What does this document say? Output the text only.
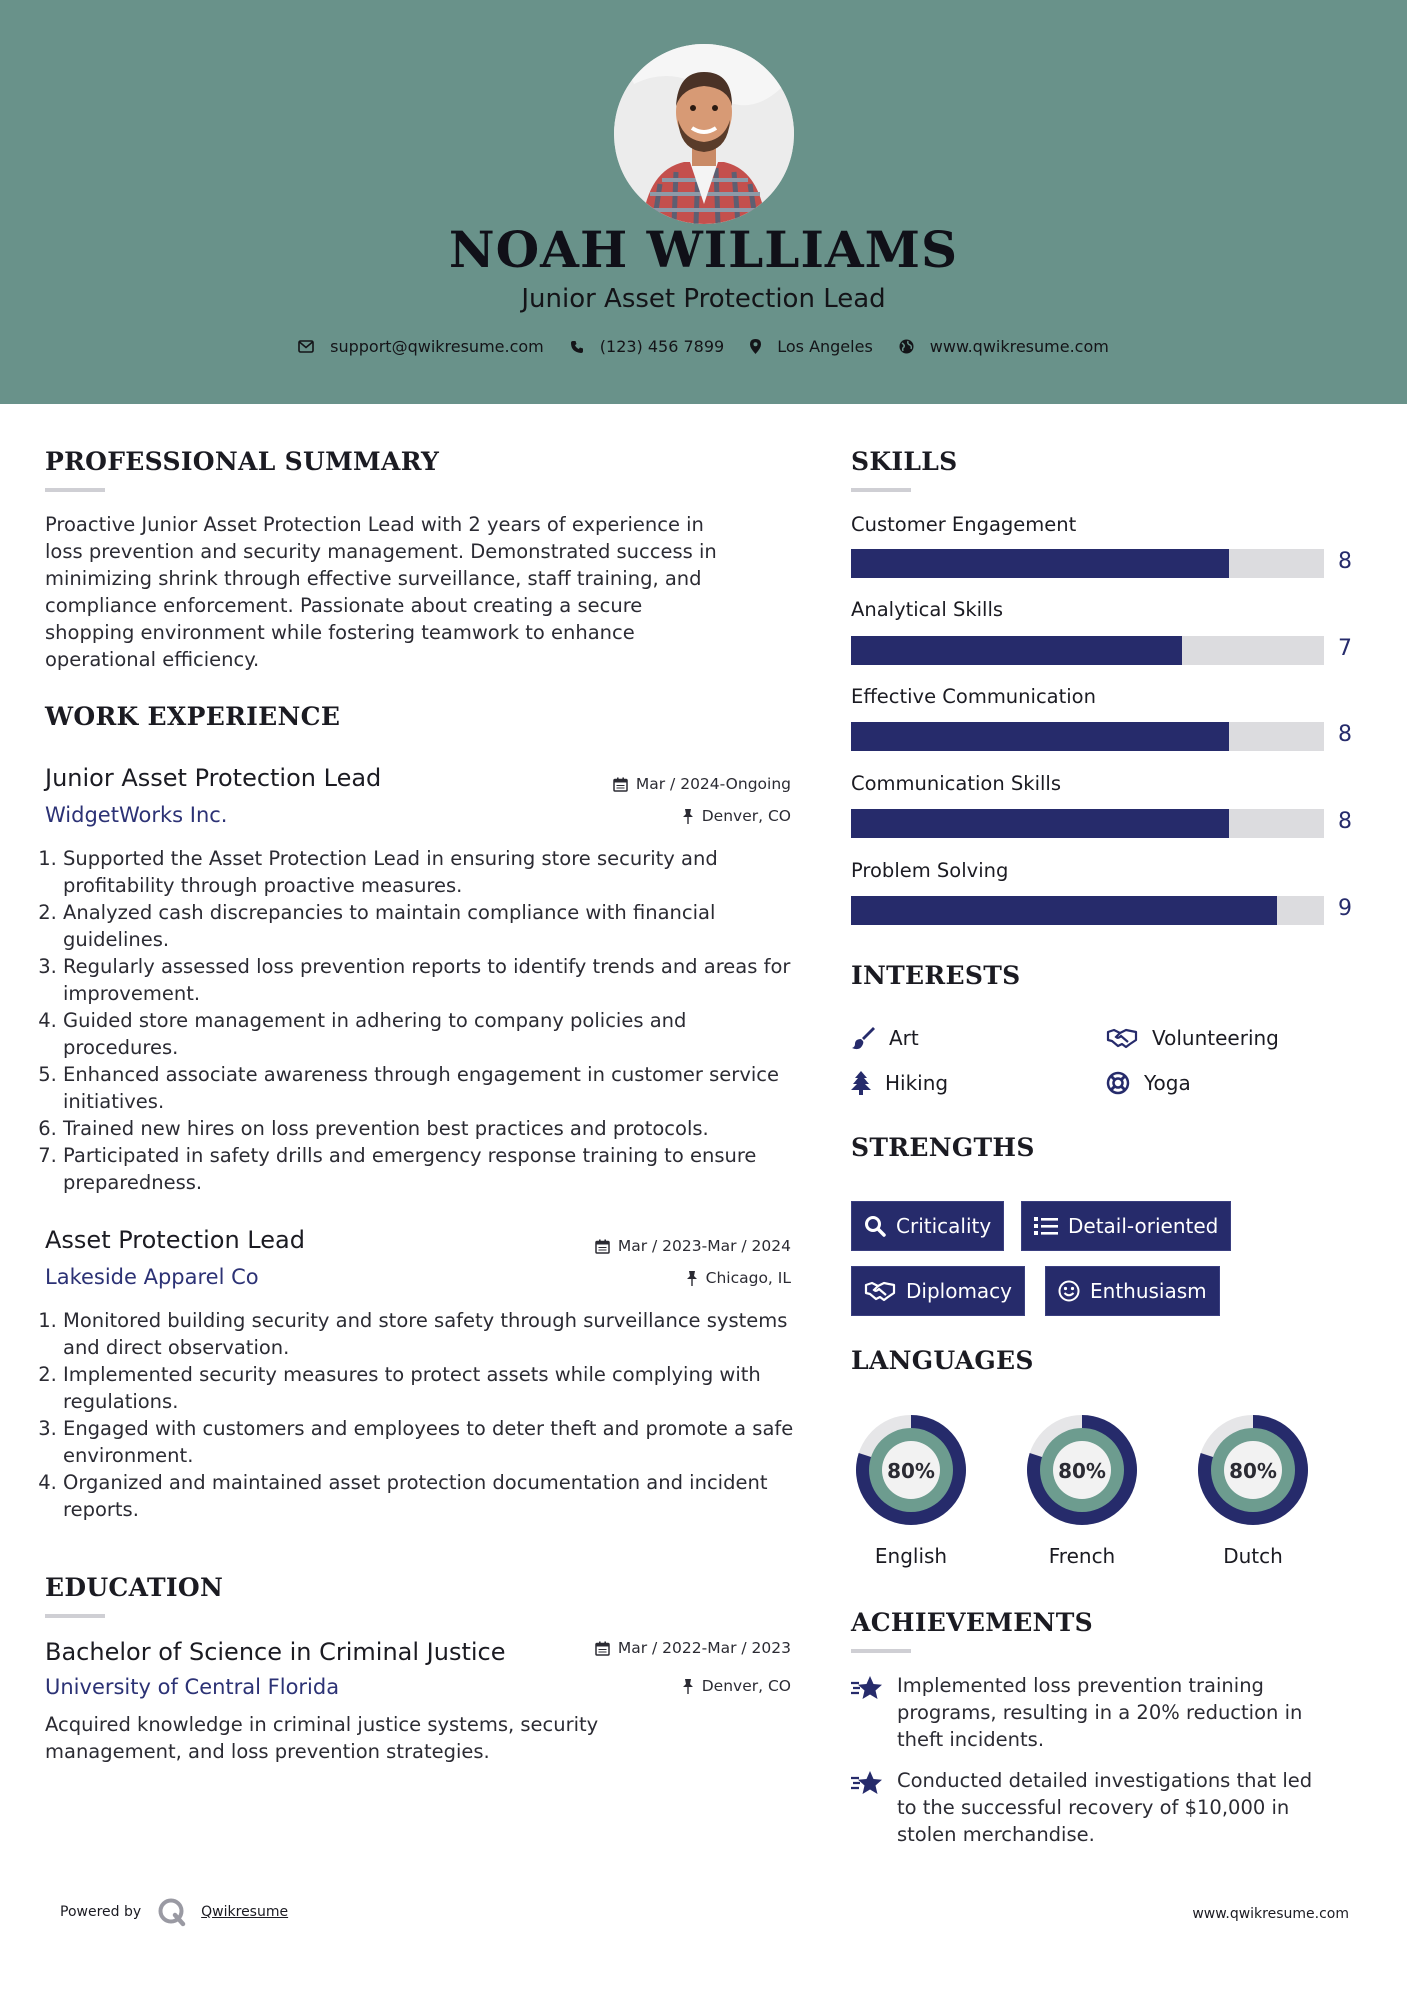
NOAH WILLIAMS
Junior Asset Protection Lead
support@qwikresume.com	(123) 456 7899	Los Angeles	www.qwikresume.com
PROFESSIONAL SUMMARY
Proactive Junior Asset Protection Lead with 2 years of experience in
loss prevention and security management. Demonstrated success in
minimizing shrink through effective surveillance, staff training, and
compliance enforcement. Passionate about creating a secure
shopping environment while fostering teamwork to enhance
operational efficiency.
WORK EXPERIENCE
Junior Asset Protection Lead	Mar / 2024-Ongoing
WidgetWorks Inc.	Denver, CO
1. Supported the Asset Protection Lead in ensuring store security and profitability through proactive measures.
2. Analyzed cash discrepancies to maintain compliance with financial guidelines.
3. Regularly assessed loss prevention reports to identify trends and areas for improvement.
4. Guided store management in adhering to company policies and procedures.
5. Enhanced associate awareness through engagement in customer service initiatives.
6. Trained new hires on loss prevention best practices and protocols.
7. Participated in safety drills and emergency response training to ensure preparedness.
Asset Protection Lead	Mar / 2023-Mar / 2024
Lakeside Apparel Co	Chicago, IL
1. Monitored building security and store safety through surveillance systems and direct observation.
2. Implemented security measures to protect assets while complying with regulations.
3. Engaged with customers and employees to deter theft and promote a safe environment.
4. Organized and maintained asset protection documentation and incident reports.
EDUCATION
Bachelor of Science in Criminal Justice	Mar / 2022-Mar / 2023
University of Central Florida	Denver, CO
Acquired knowledge in criminal justice systems, security
management, and loss prevention strategies.
SKILLS
Customer Engagement
8
Analytical Skills
7
Effective Communication
8
Communication Skills
8
Problem Solving
9
INTERESTS
Art	Volunteering
Hiking	Yoga
STRENGTHS
Criticality	Detail-oriented
Diplomacy	Enthusiasm
LANGUAGES
80%
English
80%
French
80%
Dutch
ACHIEVEMENTS
Implemented loss prevention training
programs, resulting in a 20% reduction in
theft incidents.
Conducted detailed investigations that led
to the successful recovery of $10,000 in
stolen merchandise.
Powered by	Qwikresume	www.qwikresume.com
